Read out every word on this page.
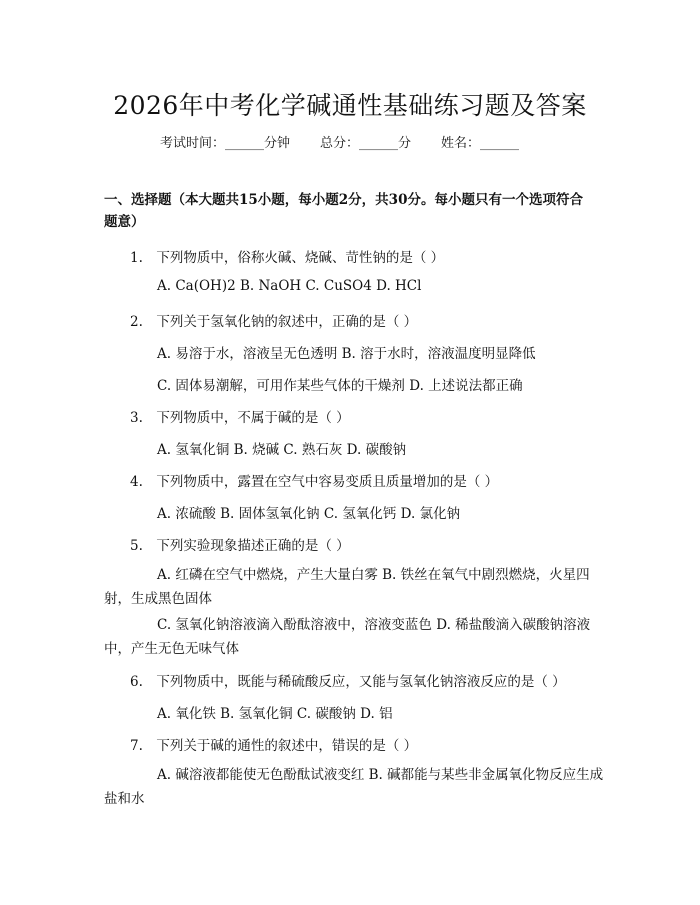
2026年中考化学碱通性基础练习题及答案
考试时间：______分钟 总分：______分 姓名：______
一、选择题（本大题共15小题，每小题2分，共30分。每小题只有一个选项符合题意）
1.　下列物质中，俗称火碱、烧碱、苛性钠的是（ ）
A. Ca(OH)2 B. NaOH C. CuSO4 D. HCl
2.　下列关于氢氧化钠的叙述中，正确的是（ ）
A. 易溶于水，溶液呈无色透明 B. 溶于水时，溶液温度明显降低
C. 固体易潮解，可用作某些气体的干燥剂 D. 上述说法都正确
3.　下列物质中，不属于碱的是（ ）
A. 氢氧化铜 B. 烧碱 C. 熟石灰 D. 碳酸钠
4.　下列物质中，露置在空气中容易变质且质量增加的是（ ）
A. 浓硫酸 B. 固体氢氧化钠 C. 氢氧化钙 D. 氯化钠
5.　下列实验现象描述正确的是（ ）
A. 红磷在空气中燃烧，产生大量白雾 B. 铁丝在氧气中剧烈燃烧，火星四射，生成黑色固体
C. 氢氧化钠溶液滴入酚酞溶液中，溶液变蓝色 D. 稀盐酸滴入碳酸钠溶液中，产生无色无味气体
6.　下列物质中，既能与稀硫酸反应，又能与氢氧化钠溶液反应的是（ ）
A. 氧化铁 B. 氢氧化铜 C. 碳酸钠 D. 铝
7.　下列关于碱的通性的叙述中，错误的是（ ）
A. 碱溶液都能使无色酚酞试液变红 B. 碱都能与某些非金属氧化物反应生成盐和水
